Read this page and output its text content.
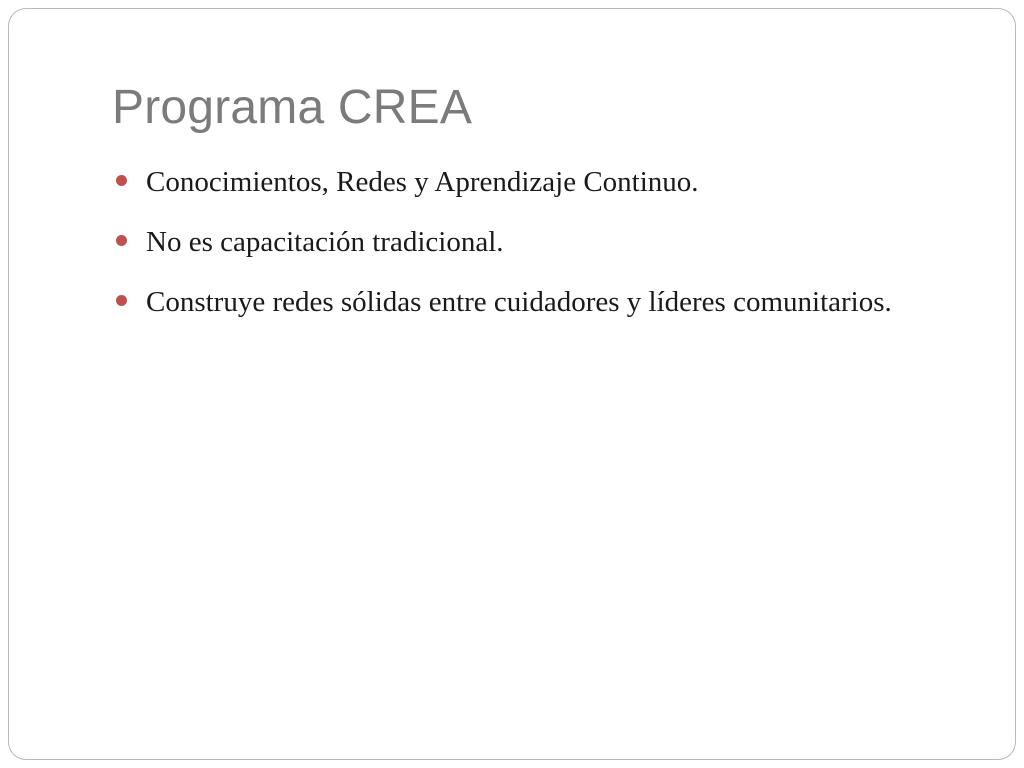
Programa CREA
Conocimientos, Redes y Aprendizaje Continuo.
No es capacitación tradicional.
Construye redes sólidas entre cuidadores y líderes comunitarios.
